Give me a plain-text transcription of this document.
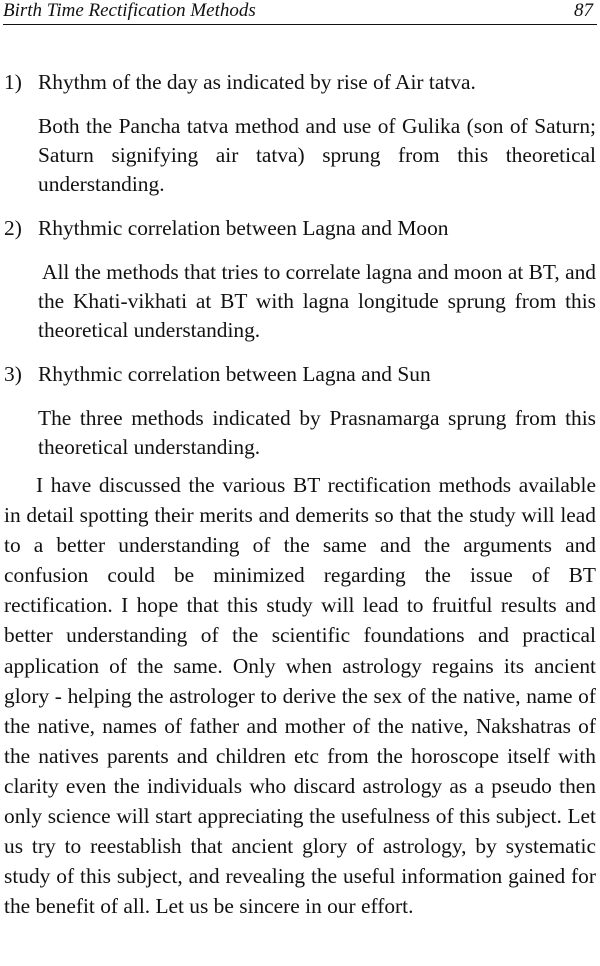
Birth Time Rectification Methods	87
1) Rhythm of the day as indicated by rise of Air tatva.

Both the Pancha tatva method and use of Gulika (son of Saturn; Saturn signifying air tatva) sprung from this theoretical understanding.

2) Rhythmic correlation between Lagna and Moon

All the methods that tries to correlate lagna and moon at BT, and the Khati-vikhati at BT with lagna longitude sprung from this theoretical understanding.

3) Rhythmic correlation between Lagna and Sun

The three methods indicated by Prasnamarga sprung from this theoretical understanding.

I have discussed the various BT rectification methods available in detail spotting their merits and demerits so that the study will lead to a better understanding of the same and the arguments and confusion could be minimized regarding the issue of BT rectification. I hope that this study will lead to fruitful results and better understanding of the scientific foundations and practical application of the same. Only when astrology regains its ancient glory - helping the astrologer to derive the sex of the native, name of the native, names of father and mother of the native, Nakshatras of the natives parents and children etc from the horoscope itself with clarity even the individuals who discard astrology as a pseudo then only science will start appreciating the usefulness of this subject. Let us try to reestablish that ancient glory of astrology, by systematic study of this subject, and revealing the useful information gained for the benefit of all. Let us be sincere in our effort.
